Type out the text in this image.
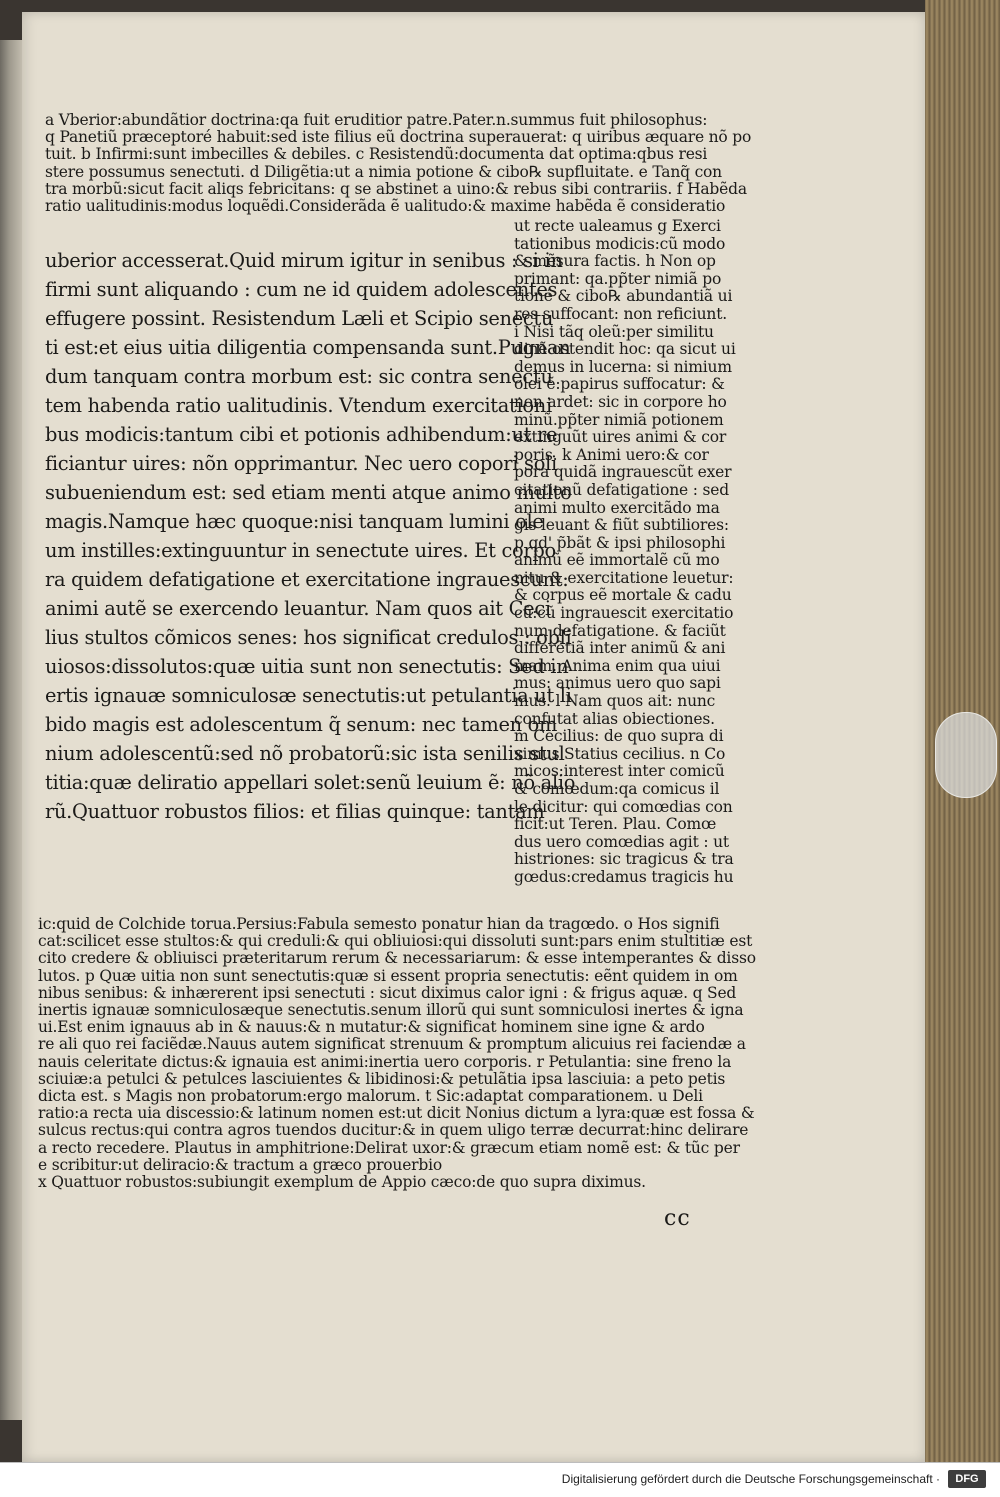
a Vberior:abundãtior doctrina:qa fuit eruditior patre.Pater.n.summus fuit philosophus:
q Panetiũ præceptoré habuit:sed iste filius eũ doctrina superauerat: q uiribus æquare nõ po
tuit. b Infirmi:sunt imbecilles & debiles. c Resistendũ:documenta dat optima:qbus resi
stere possumus senectuti. d Diligẽtia:ut a nimia potione & cibo℞ supfluitate. e Tanq̃ con
tra morbũ:sicut facit aliqs febricitans: q se abstinet a uino:& rebus sibi contrariis. f Habẽda
ratio ualitudinis:modus loquẽdi.Considerãda ẽ ualitudo:& maxime habẽda ẽ consideratio
uberior accesserat.Quid mirum igitur in senibus : si in
firmi sunt aliquando : cum ne id quidem adolescentes
effugere possint. Resistendum Læli et Scipio senectu
ti est:et eius uitia diligentia compensanda sunt.Pugnan
dum tanquam contra morbum est: sic contra senectu
tem habenda ratio ualitudinis. Vtendum exercitationi
bus modicis:tantum cibi et potionis adhibendum:ut re
ficiantur uires: nõn opprimantur. Nec uero copori soli
subueniendum est: sed etiam menti atque animo multo
magis.Namque hæc quoque:nisi tanquam lumini ole
um instilles:extinguuntur in senectute uires. Et corpo
ra quidem defatigatione et exercitatione ingrauescunt:
animi autẽ se exercendo leuantur. Nam quos ait Ceci
lius stultos cõmicos senes: hos significat credulos : obli
uiosos:dissolutos:quæ uitia sunt non senectutis: Sed in
ertis ignauæ somniculosæ senectutis:ut petulantia ut li
bido magis est adolescentum q̃ senum: nec tamen om
nium adolescentũ:sed nõ probatorũ:sic ista senilis stul
titia:quæ deliratio appellari solet:senũ leuium ẽ: nõ alio
rũ.Quattuor robustos filios: et filias quinque: tantam
ut recte ualeamus g Exerci
tationibus modicis:cũ modo
& mẽsura factis. h Non op
primant: qa.pp̃ter nimiã po
tioné & cibo℞ abundantiã ui
res suffocant: non reficiunt.
i Nisi tãq oleũ:per similitu
dinẽ ostendit hoc: qa sicut ui
demus in lucerna: si nimium
olei ẽ:papirus suffocatur: &
non ardet: sic in corpore ho
minũ.pp̃ter nimiã potionem
extinguũt uires animi & cor
poris. k Animi uero:& cor
pora quidã ingrauescũt exer
citationũ defatigatione : sed
animi multo exercitãdo ma
gis leuant & fiũt subtiliores:
p qd' p̃bãt & ipsi philosophi
animũ eẽ immortalẽ cũ mo
nitu & exercitatione leuetur:
& corpus eẽ mortale & cadu
cũ:cũ ingrauescit exercitatio
num defatigatione. & faciũt
differẽtiã inter animũ & ani
mam. Anima enim qua uiui
mus: animus uero quo sapi
mus. l Nam quos ait: nunc
confutat alias obiectiones.
m Cecilius: de quo supra di
ximus Statius cecilius. n Co
micos:interest inter comicũ
& comœdum:qa comicus il
le dicitur: qui comœdias con
ficit:ut Teren. Plau. Comœ
dus uero comœdias agit : ut
histriones: sic tragicus & tra
gœdus:credamus tragicis hu
ic:quid de Colchide torua.Persius:Fabula semesto ponatur hian da tragœdo. o Hos signifi
cat:scilicet esse stultos:& qui creduli:& qui obliuiosi:qui dissoluti sunt:pars enim stultitiæ est
cito credere & obliuisci præteritarum rerum & necessariarum: & esse intemperantes & disso
lutos. p Quæ uitia non sunt senectutis:quæ si essent propria senectutis: eẽnt quidem in om
nibus senibus: & inhærerent ipsi senectuti : sicut diximus calor igni : & frigus aquæ. q Sed
inertis ignauæ somniculosæque senectutis.senum illorũ qui sunt somniculosi inertes & igna
ui.Est enim ignauus ab in & nauus:& n mutatur:& significat hominem sine igne & ardo
re ali quo rei faciẽdæ.Nauus autem significat strenuum & promptum alicuius rei faciendæ a
nauis celeritate dictus:& ignauia est animi:inertia uero corporis. r Petulantia: sine freno la
sciuiæ:a petulci & petulces lasciuientes & libidinosi:& petulãtia ipsa lasciuia: a peto petis
dicta est. s Magis non probatorum:ergo malorum. t Sic:adaptat comparationem. u Deli
ratio:a recta uia discessio:& latinum nomen est:ut dicit Nonius dictum a lyra:quæ est fossa &
sulcus rectus:qui contra agros tuendos ducitur:& in quem uligo terræ decurrat:hinc delirare
a recto recedere. Plautus in amphitrione:Delirat uxor:& græcum etiam nomẽ est: & tũc per
e scribitur:ut deliracio:& tractum a græco prouerbio
x Quattuor robustos:subiungit exemplum de Appio cæco:de quo supra diximus.
cc
Digitalisierung gefördert durch die Deutsche Forschungsgemeinschaft ·	DFG
